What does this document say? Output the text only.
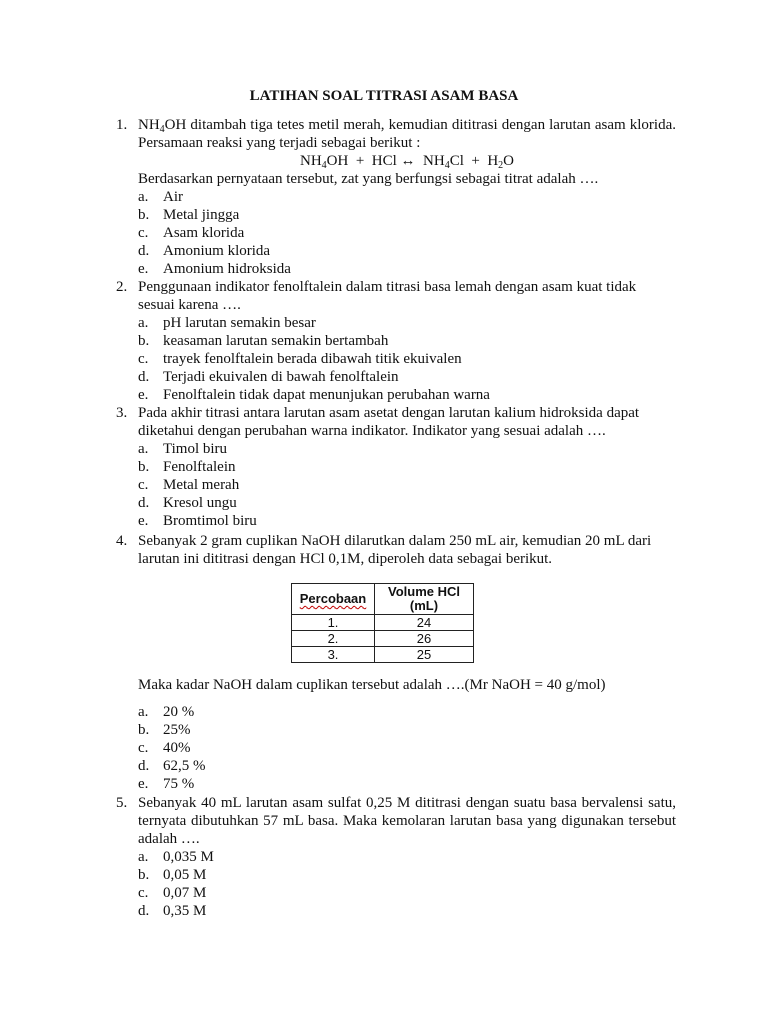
LATIHAN SOAL TITRASI ASAM BASA
1. $NH_4OH$ ditambah tiga tetes metil merah, kemudian dititrasi dengan larutan asam klorida. Persamaan reaksi yang terjadi sebagai berikut :
$NH_4OH$  +  HCl ↔  $NH_4Cl + H_2O$
Berdasarkan pernyataan tersebut, zat yang berfungsi sebagai titrat adalah ….
a. Air
b. Metal jingga
c. Asam klorida
d. Amonium klorida
e. Amonium hidroksida
2. Penggunaan indikator fenolftalein dalam titrasi basa lemah dengan asam kuat tidak sesuai karena ….
a. pH larutan semakin besar
b. keasaman larutan semakin bertambah
c. trayek fenolftalein berada dibawah titik ekuivalen
d. Terjadi ekuivalen di bawah fenolftalein
e. Fenolftalein tidak dapat menunjukan perubahan warna
3. Pada akhir titrasi antara larutan asam asetat dengan larutan kalium hidroksida dapat diketahui dengan perubahan warna indikator. Indikator yang sesuai adalah ….
a. Timol biru
b. Fenolftalein
c. Metal merah
d. Kresol ungu
e. Bromtimol biru
4. Sebanyak 2 gram cuplikan NaOH dilarutkan dalam 250 mL air, kemudian 20 mL dari larutan ini dititrasi dengan HCl 0,1M, diperoleh data sebagai berikut.
Percobaan	Volume HCl
(mL)
1.	24
2.	26
3.	25
Maka kadar NaOH dalam cuplikan tersebut adalah ….(Mr NaOH = 40 g/mol)
a. 20 %
b. 25%
c. 40%
d. 62,5 %
e. 75 %
5. Sebanyak 40 mL larutan asam sulfat 0,25 M dititrasi dengan suatu basa bervalensi satu, ternyata dibutuhkan 57 mL basa. Maka kemolaran larutan basa yang digunakan tersebut adalah ….
a. 0,035 M
b. 0,05 M
c. 0,07 M
d. 0,35 M
